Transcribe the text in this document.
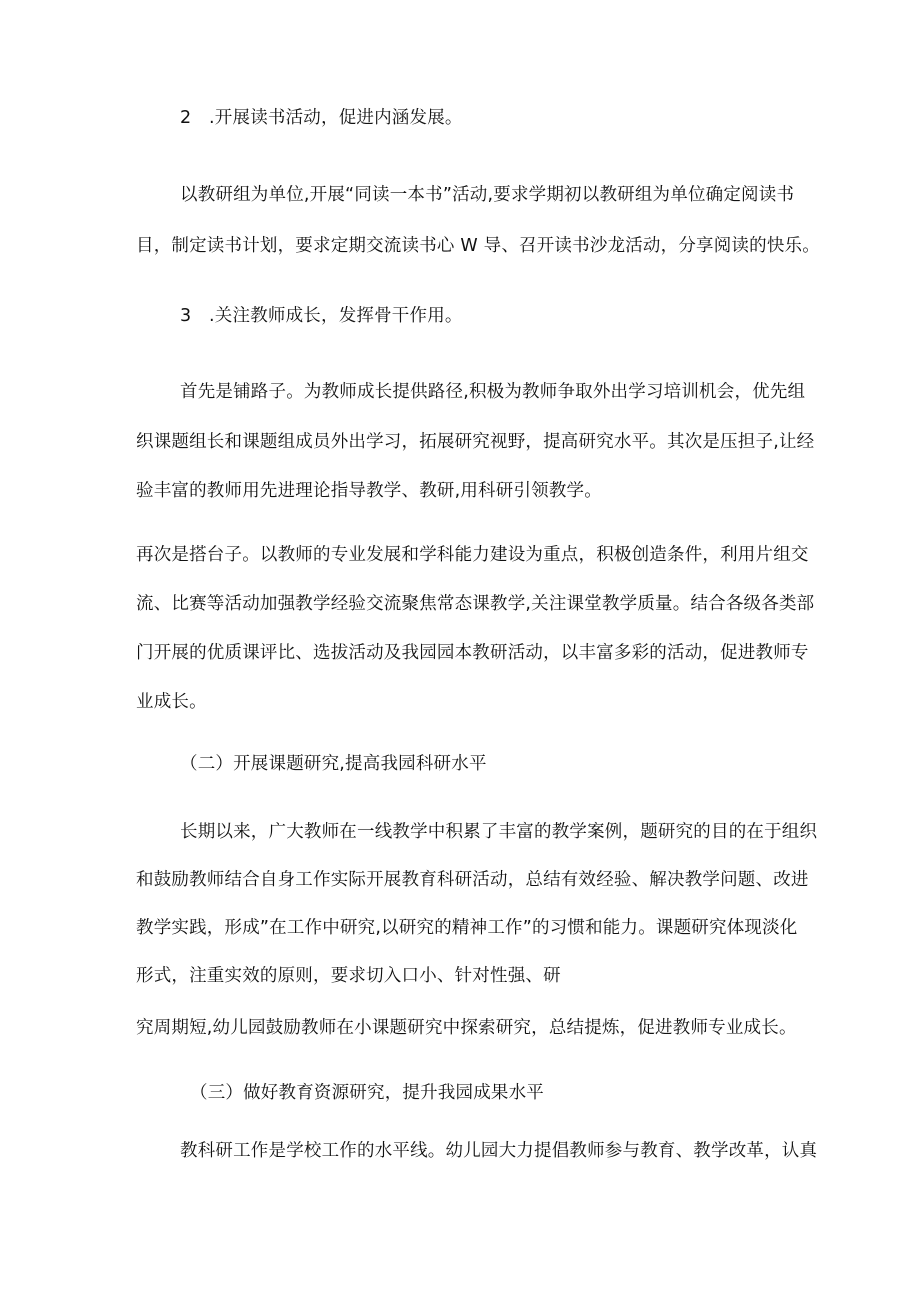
2　.开展读书活动，促进内涵发展。
以教研组为单位,开展“同读一本书”活动,要求学期初以教研组为单位确定阅读书
目，制定读书计划，要求定期交流读书心 W 导、召开读书沙龙活动，分享阅读的快乐。
3　.关注教师成长，发挥骨干作用。
首先是铺路子。为教师成长提供路径,积极为教师争取外出学习培训机会，优先组
织课题组长和课题组成员外出学习，拓展研究视野，提高研究水平。其次是压担子,让经
验丰富的教师用先进理论指导教学、教研,用科研引领教学。
再次是搭台子。以教师的专业发展和学科能力建设为重点，积极创造条件，利用片组交
流、比赛等活动加强教学经验交流聚焦常态课教学,关注课堂教学质量。结合各级各类部
门开展的优质课评比、选拔活动及我园园本教研活动，以丰富多彩的活动，促进教师专
业成长。
（二）开展课题研究,提高我园科研水平
长期以来，广大教师在一线教学中积累了丰富的教学案例，题研究的目的在于组织
和鼓励教师结合自身工作实际开展教育科研活动，总结有效经验、解决教学问题、改进
教学实践，形成”在工作中研究,以研究的精神工作”的习惯和能力。课题研究体现淡化
形式，注重实效的原则，要求切入口小、针对性强、研
究周期短,幼儿园鼓励教师在小课题研究中探索研究，总结提炼，促进教师专业成长。
（三）做好教育资源研究，提升我园成果水平
教科研工作是学校工作的水平线。幼儿园大力提倡教师参与教育、教学改革，认真
